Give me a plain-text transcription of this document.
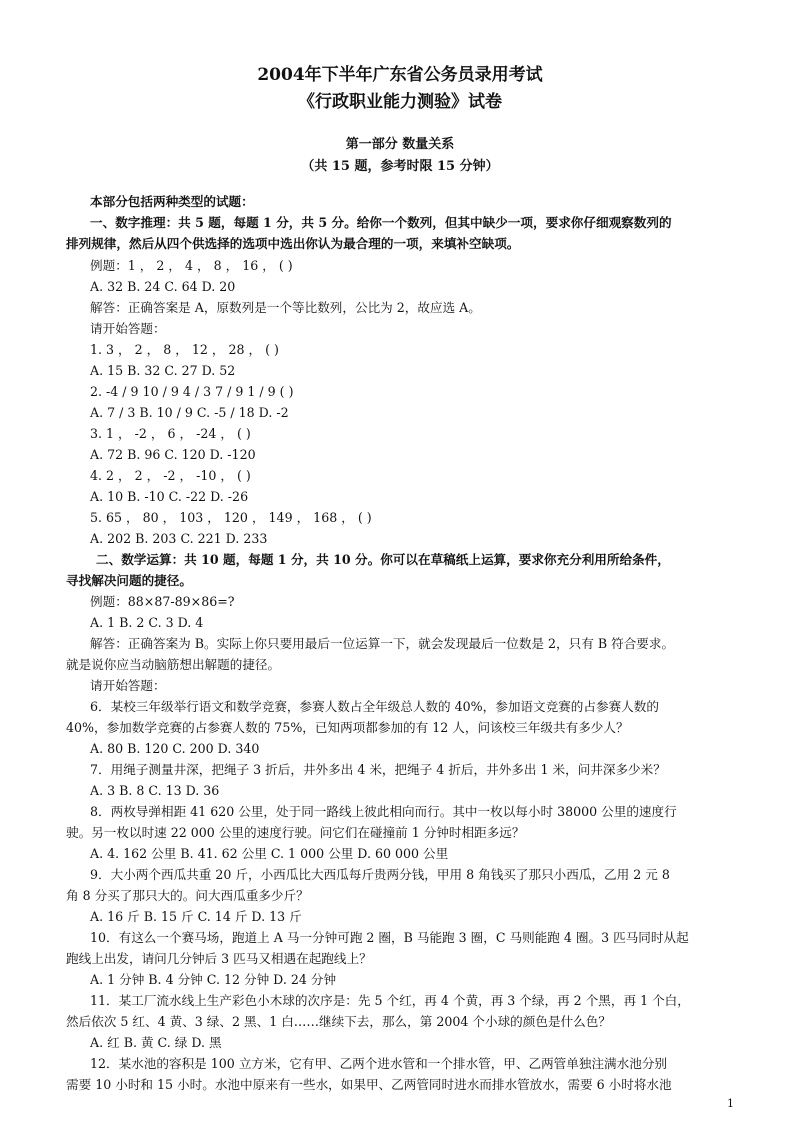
2004年下半年广东省公务员录用考试
《行政职业能力测验》试卷
第一部分 数量关系
（共 15 题，参考时限 15 分钟）
本部分包括两种类型的试题：
一、数字推理：共 5 题，每题 1 分，共 5 分。给你一个数列，但其中缺少一项，要求你仔细观察数列的
排列规律，然后从四个供选择的选项中选出你认为最合理的一项，来填补空缺项。
例题：1 ， 2 ， 4 ， 8 ， 16 ， ( )
A. 32 B. 24 C. 64 D. 20
解答：正确答案是 A，原数列是一个等比数列，公比为 2，故应选 A。
请开始答题：
1. 3 ， 2 ， 8 ， 12 ， 28 ， ( )
A. 15 B. 32 C. 27 D. 52
2. -4 / 9 10 / 9 4 / 3 7 / 9 1 / 9 ( )
A. 7 / 3 B. 10 / 9 C. -5 / 18 D. -2
3. 1 ， -2 ， 6 ， -24 ， ( )
A. 72 B. 96 C. 120 D. -120
4. 2 ， 2 ， -2 ， -10 ， ( )
A. 10 B. -10 C. -22 D. -26
5. 65 ， 80 ， 103 ， 120 ， 149 ， 168 ， ( )
A. 202 B. 203 C. 221 D. 233
二、数学运算：共 10 题，每题 1 分，共 10 分。你可以在草稿纸上运算，要求你充分利用所给条件，
寻找解决问题的捷径。
例题：88×87-89×86=?
A. 1 B. 2 C. 3 D. 4
解答：正确答案为 B。实际上你只要用最后一位运算一下，就会发现最后一位数是 2，只有 B 符合要求。
就是说你应当动脑筋想出解题的捷径。
请开始答题：
6．某校三年级举行语文和数学竞赛，参赛人数占全年级总人数的 40%，参加语文竞赛的占参赛人数的
40%，参加数学竞赛的占参赛人数的 75%，已知两项都参加的有 12 人，问该校三年级共有多少人？
A. 80 B. 120 C. 200 D. 340
7．用绳子测量井深，把绳子 3 折后，井外多出 4 米，把绳子 4 折后，井外多出 1 米，问井深多少米？
A. 3 B. 8 C. 13 D. 36
8．两枚导弹相距 41 620 公里，处于同一路线上彼此相向而行。其中一枚以每小时 38000 公里的速度行
驶。另一枚以时速 22 000 公里的速度行驶。问它们在碰撞前 1 分钟时相距多远？
A. 4. 162 公里 B. 41. 62 公里 C. 1 000 公里 D. 60 000 公里
9．大小两个西瓜共重 20 斤，小西瓜比大西瓜每斤贵两分钱，甲用 8 角钱买了那只小西瓜，乙用 2 元 8
角 8 分买了那只大的。问大西瓜重多少斤？
A. 16 斤 B. 15 斤 C. 14 斤 D. 13 斤
10．有这么一个赛马场，跑道上 A 马一分钟可跑 2 圈，B 马能跑 3 圈，C 马则能跑 4 圈。3 匹马同时从起
跑线上出发，请问几分钟后 3 匹马又相遇在起跑线上？
A. 1 分钟 B. 4 分钟 C. 12 分钟 D. 24 分钟
11．某工厂流水线上生产彩色小木球的次序是：先 5 个红，再 4 个黄，再 3 个绿，再 2 个黑，再 1 个白，
然后依次 5 红、4 黄、3 绿、2 黑、1 白……继续下去，那么，第 2004 个小球的颜色是什么色？
A. 红 B. 黄 C. 绿 D. 黑
12．某水池的容积是 100 立方米，它有甲、乙两个进水管和一个排水管，甲、乙两管单独注满水池分别
需要 10 小时和 15 小时。水池中原来有一些水，如果甲、乙两管同时进水而排水管放水，需要 6 小时将水池
1
